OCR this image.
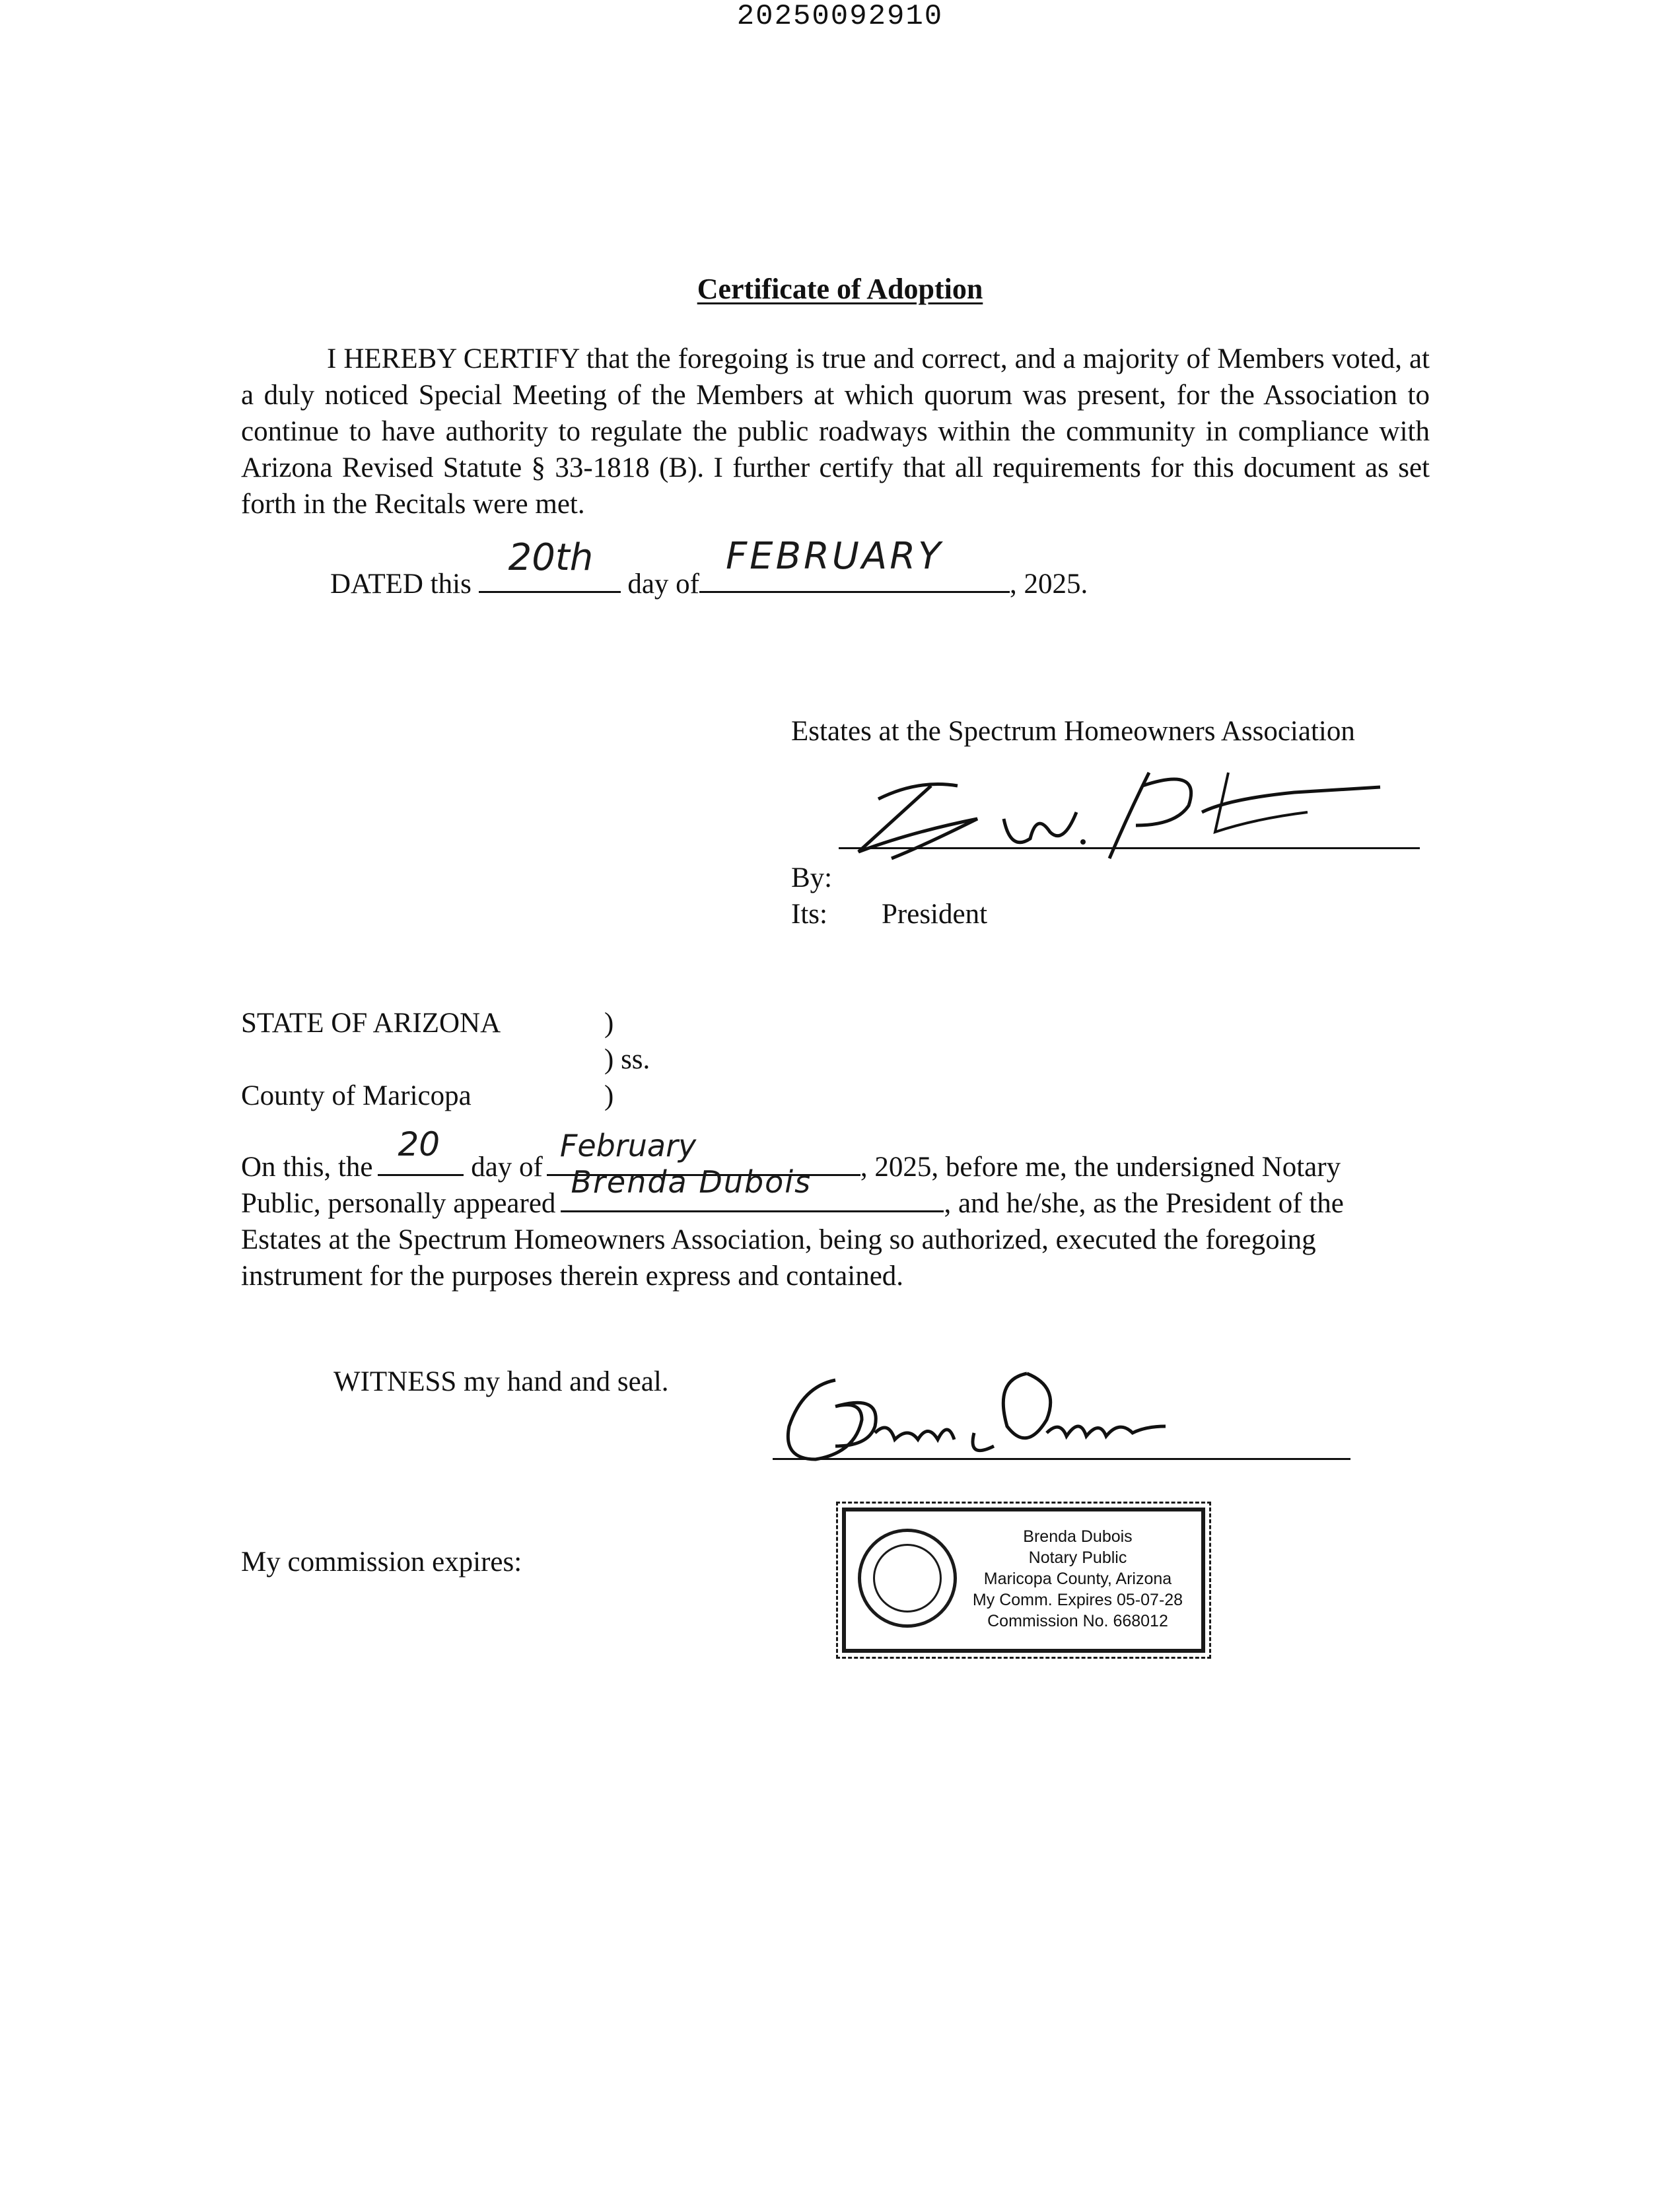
20250092910
Certificate of Adoption
I HEREBY CERTIFY that the foregoing is true and correct, and a majority of Members voted, at a duly noticed Special Meeting of the Members at which quorum was present, for the Association to continue to have authority to regulate the public roadways within the community in compliance with Arizona Revised Statute § 33-1818 (B). I further certify that all requirements for this document as set forth in the Recitals were met.
DATED this
20th
day of
FEBRUARY
, 2025.
Estates at the Spectrum Homeowners Association
By:
Its: President
STATE OF ARIZONA	)
) ss.
County of Maricopa	)
On this, the
20
day of
February
, 2025, before me, the undersigned Notary
Public, personally appeared
Brenda Dubois
, and he/she, as the President of the
Estates at the Spectrum Homeowners Association, being so authorized, executed the foregoing
instrument for the purposes therein express and contained.
WITNESS my hand and seal.
My commission expires:
Brenda Dubois
Notary Public
Maricopa County, Arizona
My Comm. Expires 05-07-28
Commission No. 668012
